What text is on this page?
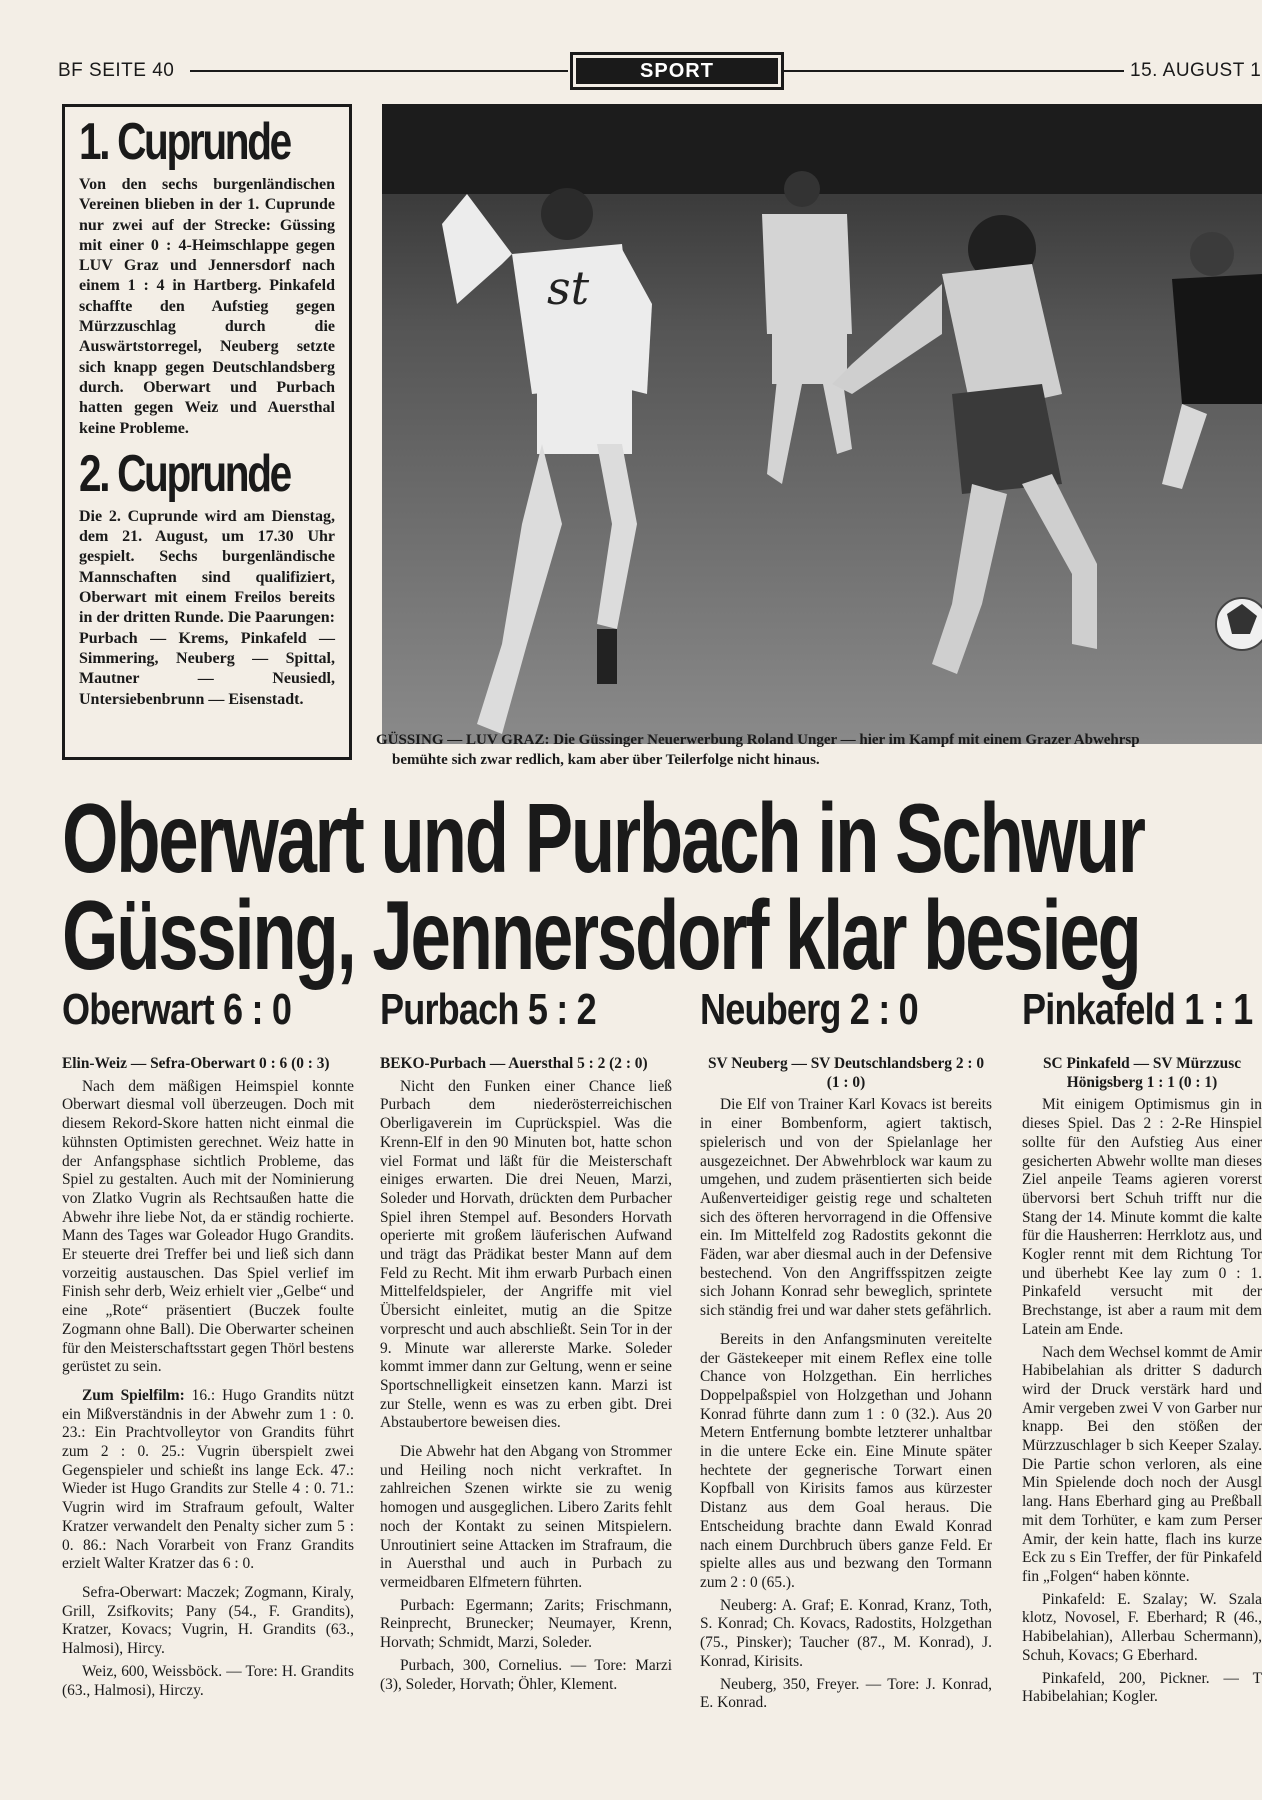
BF SEITE 40	SPORT	15. AUGUST 1
1. Cuprunde

Von den sechs burgenländischen Vereinen blieben in der 1. Cuprunde nur zwei auf der Strecke: Güssing mit einer 0 : 4-Heimschlappe gegen LUV Graz und Jennersdorf nach einem 1 : 4 in Hartberg. Pinkafeld schaffte den Aufstieg gegen Mürzzuschlag durch die Auswärtstorregel, Neuberg setzte sich knapp gegen Deutschlandsberg durch. Oberwart und Purbach hatten gegen Weiz und Auersthal keine Probleme.

2. Cuprunde

Die 2. Cuprunde wird am Dienstag, dem 21. August, um 17.30 Uhr gespielt. Sechs burgenländische Mannschaften sind qualifiziert, Oberwart mit einem Freilos bereits in der dritten Runde. Die Paarungen: Purbach — Krems, Pinkafeld — Simmering, Neuberg — Spittal, Mautner — Neusiedl, Untersiebenbrunn — Eisenstadt.

st
GÜSSING — LUV GRAZ: Die Güssinger Neuerwerbung Roland Unger — hier im Kampf mit einem Grazer Abwehrsp
bemühte sich zwar redlich, kam aber über Teilerfolge nicht hinaus.
Oberwart und Purbach in Schwur
Güssing, Jennersdorf klar besieg
Oberwart 6 : 0
Elin-Weiz — Sefra-Oberwart 0 : 6 (0 : 3)

Nach dem mäßigen Heimspiel konnte Oberwart diesmal voll überzeugen. Doch mit diesem Rekord-Skore hatten nicht einmal die kühnsten Optimisten gerechnet. Weiz hatte in der Anfangsphase sichtlich Probleme, das Spiel zu gestalten. Auch mit der Nominierung von Zlatko Vugrin als Rechtsaußen hatte die Abwehr ihre liebe Not, da er ständig rochierte. Mann des Tages war Goleador Hugo Grandits. Er steuerte drei Treffer bei und ließ sich dann vorzeitig austauschen. Das Spiel verlief im Finish sehr derb, Weiz erhielt vier „Gelbe“ und eine „Rote“ präsentiert (Buczek foulte Zogmann ohne Ball). Die Oberwarter scheinen für den Meisterschaftsstart gegen Thörl bestens gerüstet zu sein.

Zum Spielfilm: 16.: Hugo Grandits nützt ein Mißverständnis in der Abwehr zum 1 : 0. 23.: Ein Prachtvolleytor von Grandits führt zum 2 : 0. 25.: Vugrin überspielt zwei Gegenspieler und schießt ins lange Eck. 47.: Wieder ist Hugo Grandits zur Stelle 4 : 0. 71.: Vugrin wird im Strafraum gefoult, Walter Kratzer verwandelt den Penalty sicher zum 5 : 0. 86.: Nach Vorarbeit von Franz Grandits erzielt Walter Kratzer das 6 : 0.

Sefra-Oberwart: Maczek; Zogmann, Kiraly, Grill, Zsifkovits; Pany (54., F. Grandits), Kratzer, Kovacs; Vugrin, H. Grandits (63., Halmosi), Hircy.

Weiz, 600, Weissböck. — Tore: H. Grandits (63., Halmosi), Hirczy.

Purbach 5 : 2
BEKO-Purbach — Auersthal 5 : 2 (2 : 0)

Nicht den Funken einer Chance ließ Purbach dem niederösterreichischen Oberligaverein im Cuprückspiel. Was die Krenn-Elf in den 90 Minuten bot, hatte schon viel Format und läßt für die Meisterschaft einiges erwarten. Die drei Neuen, Marzi, Soleder und Horvath, drückten dem Purbacher Spiel ihren Stempel auf. Besonders Horvath operierte mit großem läuferischen Aufwand und trägt das Prädikat bester Mann auf dem Feld zu Recht. Mit ihm erwarb Purbach einen Mittelfeldspieler, der Angriffe mit viel Übersicht einleitet, mutig an die Spitze vorprescht und auch abschließt. Sein Tor in der 9. Minute war allererste Marke. Soleder kommt immer dann zur Geltung, wenn er seine Sportschnelligkeit einsetzen kann. Marzi ist zur Stelle, wenn es was zu erben gibt. Drei Abstaubertore beweisen dies.

Die Abwehr hat den Abgang von Strommer und Heiling noch nicht verkraftet. In zahlreichen Szenen wirkte sie zu wenig homogen und ausgeglichen. Libero Zarits fehlt noch der Kontakt zu seinen Mitspielern. Unroutiniert seine Attacken im Strafraum, die in Auersthal und auch in Purbach zu vermeidbaren Elfmetern führten.

Purbach: Egermann; Zarits; Frischmann, Reinprecht, Brunecker; Neumayer, Krenn, Horvath; Schmidt, Marzi, Soleder.

Purbach, 300, Cornelius. — Tore: Marzi (3), Soleder, Horvath; Öhler, Klement.

Neuberg 2 : 0
SV Neuberg — SV Deutschlandsberg 2 : 0 (1 : 0)

Die Elf von Trainer Karl Kovacs ist bereits in einer Bombenform, agiert taktisch, spielerisch und von der Spielanlage her ausgezeichnet. Der Abwehrblock war kaum zu umgehen, und zudem präsentierten sich beide Außenverteidiger geistig rege und schalteten sich des öfteren hervorragend in die Offensive ein. Im Mittelfeld zog Radostits gekonnt die Fäden, war aber diesmal auch in der Defensive bestechend. Von den Angriffsspitzen zeigte sich Johann Konrad sehr beweglich, sprintete sich ständig frei und war daher stets gefährlich.

Bereits in den Anfangsminuten vereitelte der Gästekeeper mit einem Reflex eine tolle Chance von Holzgethan. Ein herrliches Doppelpaßspiel von Holzgethan und Johann Konrad führte dann zum 1 : 0 (32.). Aus 20 Metern Entfernung bombte letzterer unhaltbar in die untere Ecke ein. Eine Minute später hechtete der gegnerische Torwart einen Kopfball von Kirisits famos aus kürzester Distanz aus dem Goal heraus. Die Entscheidung brachte dann Ewald Konrad nach einem Durchbruch übers ganze Feld. Er spielte alles aus und bezwang den Tormann zum 2 : 0 (65.).

Neuberg: A. Graf; E. Konrad, Kranz, Toth, S. Konrad; Ch. Kovacs, Radostits, Holzgethan (75., Pinsker); Taucher (87., M. Konrad), J. Konrad, Kirisits.

Neuberg, 350, Freyer. — Tore: J. Konrad, E. Konrad.

Pinkafeld 1 : 1
SC Pinkafeld — SV Mürzzusc Hönigsberg 1 : 1 (0 : 1)

Mit einigem Optimismus gin in dieses Spiel. Das 2 : 2-Re Hinspiel sollte für den Aufstieg Aus einer gesicherten Abwehr wollte man dieses Ziel anpeile Teams agieren vorerst übervorsi bert Schuh trifft nur die Stang der 14. Minute kommt die kalte für die Hausherren: Herrklotz aus, und Kogler rennt mit dem Richtung Tor und überhebt Kee lay zum 0 : 1. Pinkafeld versucht mit der Brechstange, ist aber a raum mit dem Latein am Ende.

Nach dem Wechsel kommt de Amir Habibelahian als dritter S dadurch wird der Druck verstärk hard und Amir vergeben zwei V von Garber nur knapp. Bei den stößen der Mürzzuschlager b sich Keeper Szalay. Die Partie schon verloren, als eine Min Spielende doch noch der Ausgl lang. Hans Eberhard ging au Preßball mit dem Torhüter, e kam zum Perser Amir, der kein hatte, flach ins kurze Eck zu s Ein Treffer, der für Pinkafeld fin „Folgen“ haben könnte.

Pinkafeld: E. Szalay; W. Szala klotz, Novosel, F. Eberhard; R (46., Habibelahian), Allerbau Schermann), Schuh, Kovacs; G Eberhard.

Pinkafeld, 200, Pickner. — T Habibelahian; Kogler.
